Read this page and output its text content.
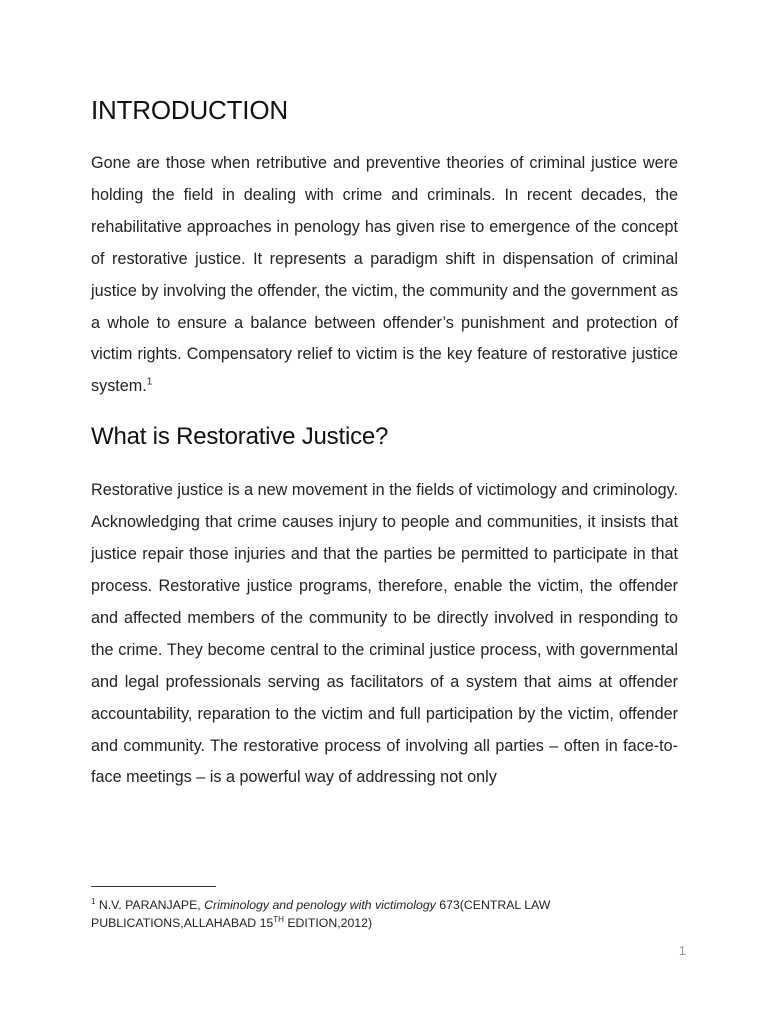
INTRODUCTION

Gone are those when retributive and preventive theories of criminal justice were holding the field in dealing with crime and criminals. In recent decades, the rehabilitative approaches in penology has given rise to emergence of the concept of restorative justice. It represents a paradigm shift in dispensation of criminal justice by involving the offender, the victim, the community and the government as a whole to ensure a balance between offender’s punishment and protection of victim rights. Compensatory relief to victim is the key feature of restorative justice system.$^1$

What is Restorative Justice?

Restorative justice is a new movement in the fields of victimology and criminology. Acknowledging that crime causes injury to people and communities, it insists that justice repair those injuries and that the parties be permitted to participate in that process. Restorative justice programs, therefore, enable the victim, the offender and affected members of the community to be directly involved in responding to the crime. They become central to the criminal justice process, with governmental and legal professionals serving as facilitators of a system that aims at offender accountability, reparation to the victim and full participation by the victim, offender and community. The restorative process of involving all parties – often in face-to-face meetings – is a powerful way of addressing not only

$^1$ N.V. PARANJAPE, Criminology and penology with victimology 673(CENTRAL LAW PUBLICATIONS,ALLAHABAD 15TH EDITION,2012)
1
